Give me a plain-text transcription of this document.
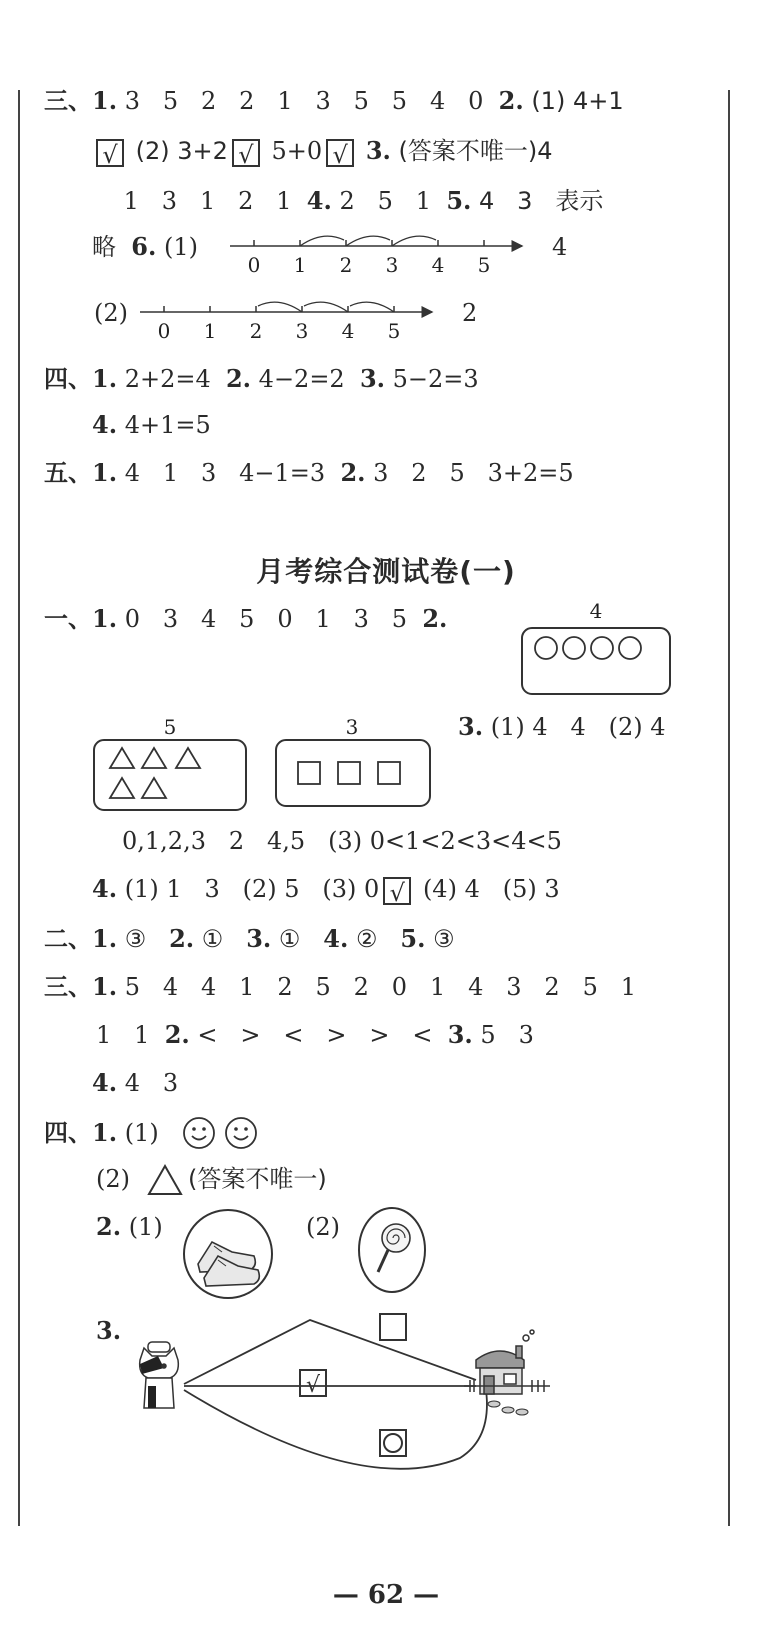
三、1. 3   5   2   2   1   3   5   5   4   0  2. (1) 4+1
√ (2) 3+2 √ 5+0 √ 3. (答案不唯一)4
1   3   1   2   1  4. 2   5   1  5. 4   3   表示
略  6. (1)
0 1 2 3 4 5
4
(2)
0 1 2 3 4 5
2
四、1. 2+2=4  2. 4−2=2  3. 5−2=3
4. 4+1=5
五、1. 4   1   3   4−1=3  2. 3   2   5   3+2=5
月考综合测试卷(一)
一、1. 0   3   4   5   0   1   3   5  2.	4
5	3	3. (1) 4   4   (2) 4
0,1,2,3   2   4,5   (3) 0<1<2<3<4<5
4. (1) 1   3   (2) 5   (3) 0 √ (4) 4   (5) 3
二、1. ③   2. ①   3. ①   4. ②   5. ③
三、1. 5   4   4   1   2   5   2   0   1   4   3   2   5   1
1   1  2. <   >   <   >   >   <  3. 5   3
4. 4   3
四、1. (1)
(2) (答案不唯一)
2. (1)	(2)
3.
√
— 62 —
